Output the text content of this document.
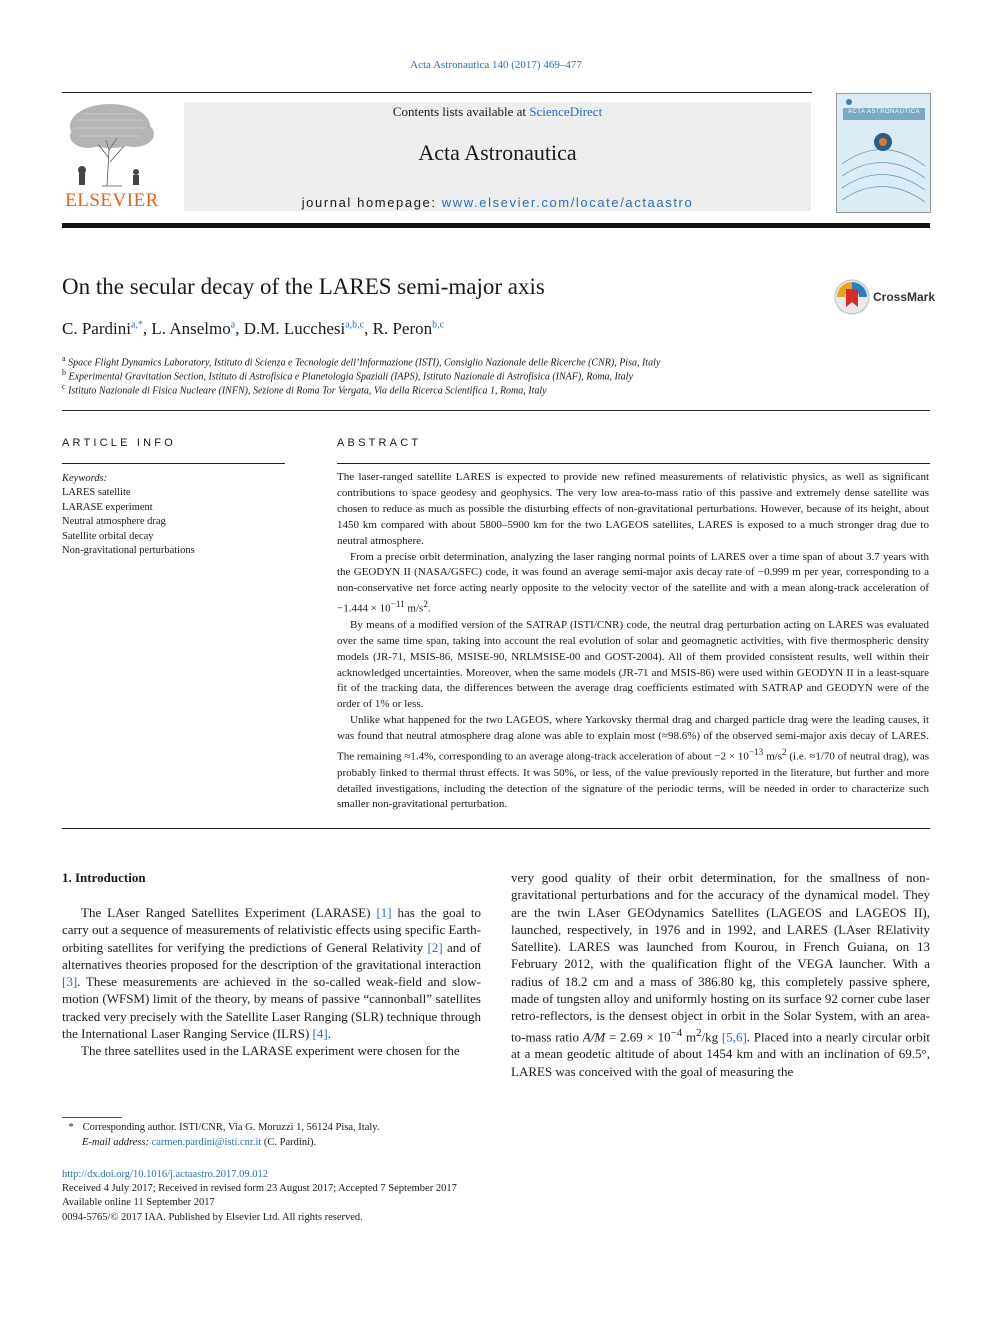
Acta Astronautica 140 (2017) 469–477
ELSEVIER
Contents lists available at ScienceDirect
Acta Astronautica
journal homepage: www.elsevier.com/locate/actaastro
ACTA ASTRONAUTICA
On the secular decay of the LARES semi-major axis	CrossMark
C. Pardini$^{a,*}$, L. Anselmo$^a$, D.M. Lucchesi$^{a,b,c}$, R. Peron$^{b,c}$
$^a$ Space Flight Dynamics Laboratory, Istituto di Scienza e Tecnologie dell’Informazione (ISTI), Consiglio Nazionale delle Ricerche (CNR), Pisa, Italy
$^b$ Experimental Gravitation Section, Istituto di Astrofisica e Planetologia Spaziali (IAPS), Istituto Nazionale di Astrofisica (INAF), Roma, Italy
$^c$ Istituto Nazionale di Fisica Nucleare (INFN), Sezione di Roma Tor Vergata, Via della Ricerca Scientifica 1, Roma, Italy
ARTICLE INFO
Keywords:
LARES satellite
LARASE experiment
Neutral atmosphere drag
Satellite orbital decay
Non-gravitational perturbations
ABSTRACT

The laser-ranged satellite LARES is expected to provide new refined measurements of relativistic physics, as well as significant contributions to space geodesy and geophysics. The very low area-to-mass ratio of this passive and extremely dense satellite was chosen to reduce as much as possible the disturbing effects of non-gravitational perturbations. However, because of its height, about 1450 km compared with about 5800–5900 km for the two LAGEOS satellites, LARES is exposed to a much stronger drag due to neutral atmosphere.

From a precise orbit determination, analyzing the laser ranging normal points of LARES over a time span of about 3.7 years with the GEODYN II (NASA/GSFC) code, it was found an average semi-major axis decay rate of −0.999 m per year, corresponding to a non-conservative net force acting nearly opposite to the velocity vector of the satellite and with a mean along-track acceleration of $-1.444 \times 10^{-11}$ $m/s^2$.

By means of a modified version of the SATRAP (ISTI/CNR) code, the neutral drag perturbation acting on LARES was evaluated over the same time span, taking into account the real evolution of solar and geomagnetic activities, with five thermospheric density models (JR-71, MSIS-86, MSISE-90, NRLMSISE-00 and GOST-2004). All of them provided consistent results, well within their acknowledged uncertainties. Moreover, when the same models (JR-71 and MSIS-86) were used within GEODYN II in a least-square fit of the tracking data, the differences between the average drag coefficients estimated with SATRAP and GEODYN were of the order of 1% or less.

Unlike what happened for the two LAGEOS, where Yarkovsky thermal drag and charged particle drag were the leading causes, it was found that neutral atmosphere drag alone was able to explain most (≈98.6%) of the observed semi-major axis decay of LARES. The remaining ≈1.4%, corresponding to an average along-track acceleration of about $-2 \times 10^{-13}$ $m/s^2$ (i.e. ≈1/70 of neutral drag), was probably linked to thermal thrust effects. It was 50%, or less, of the value previously reported in the literature, but further and more detailed investigations, including the detection of the signature of the periodic terms, will be needed in order to characterize such smaller non-gravitational perturbation.

1. Introduction

The LAser Ranged Satellites Experiment (LARASE) [1] has the goal to carry out a sequence of measurements of relativistic effects using specific Earth-orbiting satellites for verifying the predictions of General Relativity [2] and of alternatives theories proposed for the description of the gravitational interaction [3]. These measurements are achieved in the so-called weak-field and slow-motion (WFSM) limit of the theory, by means of passive “cannonball” satellites tracked very precisely with the Satellite Laser Ranging (SLR) technique through the International Laser Ranging Service (ILRS) [4].

The three satellites used in the LARASE experiment were chosen for the

very good quality of their orbit determination, for the smallness of non-gravitational perturbations and for the accuracy of the dynamical model. They are the twin LAser GEOdynamics Satellites (LAGEOS and LAGEOS II), launched, respectively, in 1976 and in 1992, and LARES (LAser RElativity Satellite). LARES was launched from Kourou, in French Guiana, on 13 February 2012, with the qualification flight of the VEGA launcher. With a radius of 18.2 cm and a mass of 386.80 kg, this completely passive sphere, made of tungsten alloy and uniformly hosting on its surface 92 corner cube laser retro-reflectors, is the densest object in orbit in the Solar System, with an area-to-mass ratio $A/M = 2.69 \times 10^{-4}$ $m^2/kg$ [5,6]. Placed into a nearly circular orbit at a mean geodetic altitude of about 1454 km and with an inclination of 69.5°, LARES was conceived with the goal of measuring the

* Corresponding author. ISTI/CNR, Via G. Moruzzi 1, 56124 Pisa, Italy.
E-mail address: carmen.pardini@isti.cnr.it (C. Pardini).
http://dx.doi.org/10.1016/j.actaastro.2017.09.012
Received 4 July 2017; Received in revised form 23 August 2017; Accepted 7 September 2017
Available online 11 September 2017
0094-5765/© 2017 IAA. Published by Elsevier Ltd. All rights reserved.
